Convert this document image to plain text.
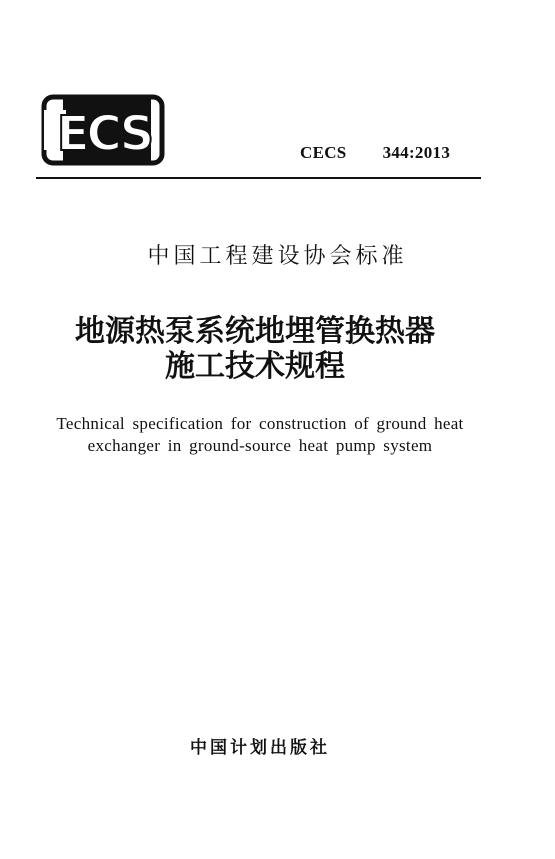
ECS	CECS 344:2013
中国工程建设协会标准
地源热泵系统地埋管换热器
施工技术规程
Technical specification for construction of ground heat
exchanger in ground-source heat pump system
中国计划出版社
